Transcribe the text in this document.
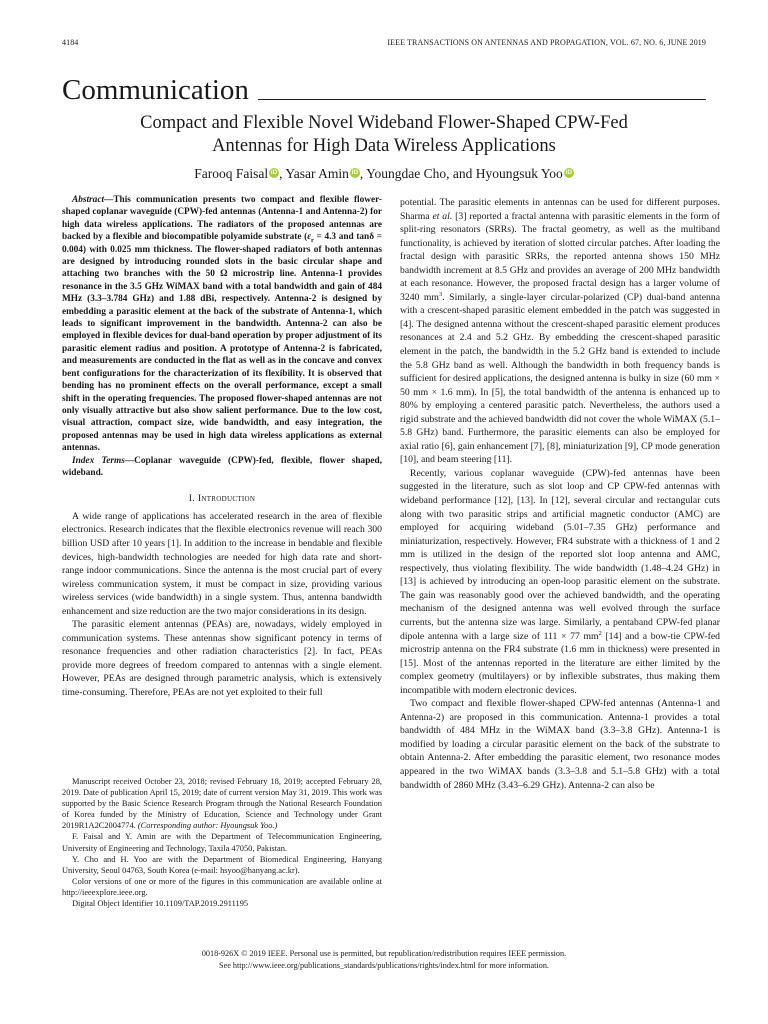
4184	IEEE TRANSACTIONS ON ANTENNAS AND PROPAGATION, VOL. 67, NO. 6, JUNE 2019
Communication
Compact and Flexible Novel Wideband Flower-Shaped CPW-Fed
Antennas for High Data Wireless Applications
Farooq Faisal iD , Yasar Amin iD , Youngdae Cho, and Hyoungsuk Yoo iD

Abstract—This communication presents two compact and flexible flower-shaped coplanar waveguide (CPW)-fed antennas (Antenna-1 and Antenna-2) for high data wireless applications. The radiators of the proposed antennas are backed by a flexible and biocompatible polyamide substrate ($\varepsilon_r = 4.3$ and tanδ = 0.004) with 0.025 mm thickness. The flower-shaped radiators of both antennas are designed by introducing rounded slots in the basic circular shape and attaching two branches with the 50 Ω microstrip line. Antenna-1 provides resonance in the 3.5 GHz WiMAX band with a total bandwidth and gain of 484 MHz (3.3–3.784 GHz) and 1.88 dBi, respectively. Antenna-2 is designed by embedding a parasitic element at the back of the substrate of Antenna-1, which leads to significant improvement in the bandwidth. Antenna-2 can also be employed in flexible devices for dual-band operation by proper adjustment of its parasitic element radius and position. A prototype of Antenna-2 is fabricated, and measurements are conducted in the flat as well as in the concave and convex bent configurations for the characterization of its flexibility. It is observed that bending has no prominent effects on the overall performance, except a small shift in the operating frequencies. The proposed flower-shaped antennas are not only visually attractive but also show salient performance. Due to the low cost, visual attraction, compact size, wide bandwidth, and easy integration, the proposed antennas may be used in high data wireless applications as external antennas.

Index Terms—Coplanar waveguide (CPW)-fed, flexible, flower shaped, wideband.

I. Introduction

A wide range of applications has accelerated research in the area of flexible electronics. Research indicates that the flexible electronics revenue will reach 300 billion USD after 10 years [1]. In addition to the increase in bendable and flexible devices, high-bandwidth technologies are needed for high data rate and short-range indoor communications. Since the antenna is the most crucial part of every wireless communication system, it must be compact in size, providing various wireless services (wide bandwidth) in a single system. Thus, antenna bandwidth enhancement and size reduction are the two major considerations in its design.

The parasitic element antennas (PEAs) are, nowadays, widely employed in communication systems. These antennas show significant potency in terms of resonance frequencies and other radiation characteristics [2]. In fact, PEAs provide more degrees of freedom compared to antennas with a single element. However, PEAs are designed through parametric analysis, which is extensively time-consuming. Therefore, PEAs are not yet exploited to their full

Manuscript received October 23, 2018; revised February 18, 2019; accepted February 28, 2019. Date of publication April 15, 2019; date of current version May 31, 2019. This work was supported by the Basic Science Research Program through the National Research Foundation of Korea funded by the Ministry of Education, Science and Technology under Grant 2019R1A2C2004774. (Corresponding author: Hyoungsuk Yoo.)

F. Faisal and Y. Amin are with the Department of Telecommunication Engineering, University of Engineering and Technology, Taxila 47050, Pakistan.

Y. Cho and H. Yoo are with the Department of Biomedical Engineering, Hanyang University, Seoul 04763, South Korea (e-mail: hsyoo@hanyang.ac.kr).

Color versions of one or more of the figures in this communication are available online at http://ieeexplore.ieee.org.

Digital Object Identifier 10.1109/TAP.2019.2911195

potential. The parasitic elements in antennas can be used for different purposes. Sharma et al. [3] reported a fractal antenna with parasitic elements in the form of split-ring resonators (SRRs). The fractal geometry, as well as the multiband functionality, is achieved by iteration of slotted circular patches. After loading the fractal design with parasitic SRRs, the reported antenna shows 150 MHz bandwidth increment at 8.5 GHz and provides an average of 200 MHz bandwidth at each resonance. However, the proposed fractal design has a larger volume of 3240 $mm^3$. Similarly, a single-layer circular-polarized (CP) dual-band antenna with a crescent-shaped parasitic element embedded in the patch was suggested in [4]. The designed antenna without the crescent-shaped parasitic element produces resonances at 2.4 and 5.2 GHz. By embedding the crescent-shaped parasitic element in the patch, the bandwidth in the 5.2 GHz band is extended to include the 5.8 GHz band as well. Although the bandwidth in both frequency bands is sufficient for desired applications, the designed antenna is bulky in size (60 mm × 50 mm × 1.6 mm). In [5], the total bandwidth of the antenna is enhanced up to 80% by employing a centered parasitic patch. Nevertheless, the authors used a rigid substrate and the achieved bandwidth did not cover the whole WiMAX (5.1–5.8 GHz) band. Furthermore, the parasitic elements can also be employed for axial ratio [6], gain enhancement [7], [8], miniaturization [9], CP mode generation [10], and beam steering [11].

Recently, various coplanar waveguide (CPW)-fed antennas have been suggested in the literature, such as slot loop and CP CPW-fed antennas with wideband performance [12], [13]. In [12], several circular and rectangular cuts along with two parasitic strips and artificial magnetic conductor (AMC) are employed for acquiring wideband (5.01–7.35 GHz) performance and miniaturization, respectively. However, FR4 substrate with a thickness of 1 and 2 mm is utilized in the design of the reported slot loop antenna and AMC, respectively, thus violating flexibility. The wide bandwidth (1.48–4.24 GHz) in [13] is achieved by introducing an open-loop parasitic element on the substrate. The gain was reasonably good over the achieved bandwidth, and the operating mechanism of the designed antenna was well evolved through the surface currents, but the antenna size was large. Similarly, a pentaband CPW-fed planar dipole antenna with a large size of 111 × 77 $mm^2$ [14] and a bow-tie CPW-fed microstrip antenna on the FR4 substrate (1.6 mm in thickness) were presented in [15]. Most of the antennas reported in the literature are either limited by the complex geometry (multilayers) or by inflexible substrates, thus making them incompatible with modern electronic devices.

Two compact and flexible flower-shaped CPW-fed antennas (Antenna-1 and Antenna-2) are proposed in this communication. Antenna-1 provides a total bandwidth of 484 MHz in the WiMAX band (3.3–3.8 GHz). Antenna-1 is modified by loading a circular parasitic element on the back of the substrate to obtain Antenna-2. After embedding the parasitic element, two resonance modes appeared in the two WiMAX bands (3.3–3.8 and 5.1–5.8 GHz) with a total bandwidth of 2860 MHz (3.43–6.29 GHz). Antenna-2 can also be

0018-926X © 2019 IEEE. Personal use is permitted, but republication/redistribution requires IEEE permission.
See http://www.ieee.org/publications_standards/publications/rights/index.html for more information.
